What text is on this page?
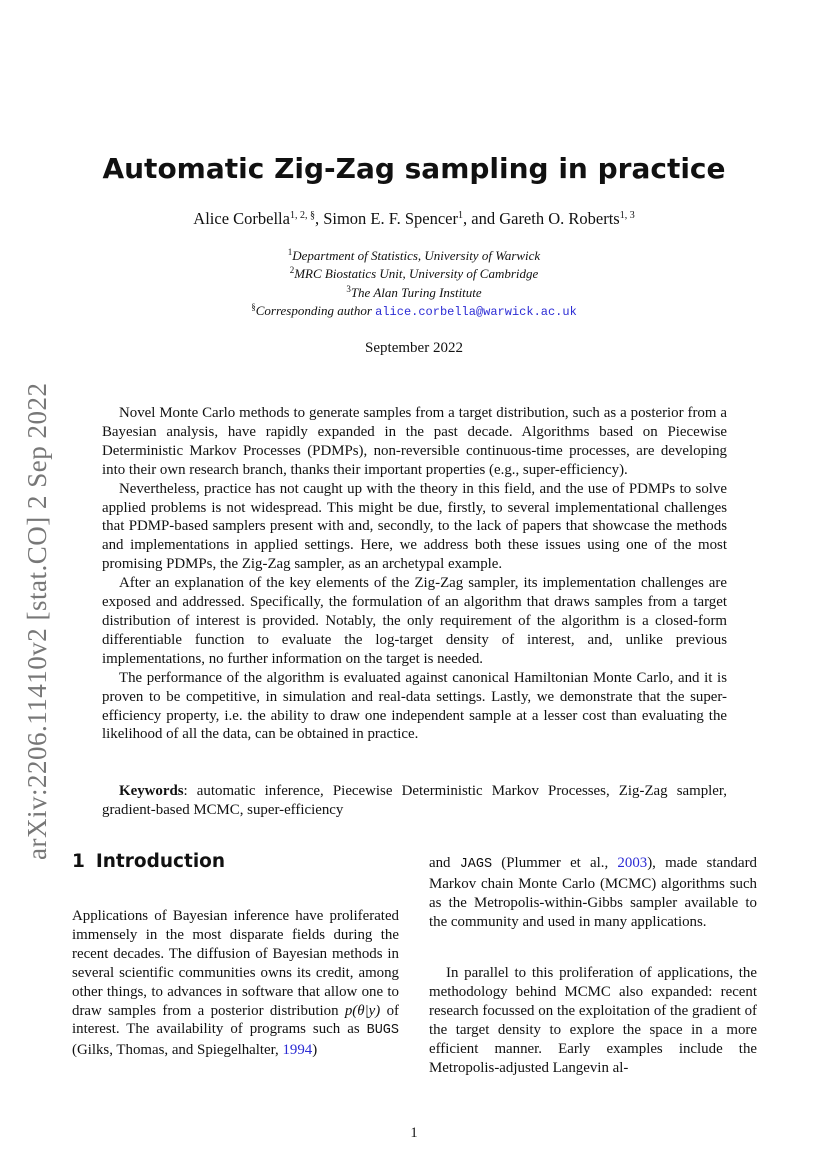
arXiv:2206.11410v2 [stat.CO] 2 Sep 2022
Automatic Zig-Zag sampling in practice
Alice Corbella$^{1, 2, \S}$, Simon E. F. Spencer$^1$, and Gareth O. Roberts$^{1, 3}$
$^1$Department of Statistics, University of Warwick
$^2$MRC Biostatics Unit, University of Cambridge
$^3$The Alan Turing Institute
§Corresponding author alice.corbella@warwick.ac.uk
September 2022

Novel Monte Carlo methods to generate samples from a target distribution, such as a posterior from a Bayesian analysis, have rapidly expanded in the past decade. Algorithms based on Piecewise Deterministic Markov Processes (PDMPs), non-reversible continuous-time processes, are developing into their own research branch, thanks their important properties (e.g., super-efficiency).

Nevertheless, practice has not caught up with the theory in this field, and the use of PDMPs to solve applied problems is not widespread. This might be due, firstly, to several implementational challenges that PDMP-based samplers present with and, secondly, to the lack of papers that showcase the methods and implementations in applied settings. Here, we address both these issues using one of the most promising PDMPs, the Zig-Zag sampler, as an archetypal example.

After an explanation of the key elements of the Zig-Zag sampler, its implementation challenges are exposed and addressed. Specifically, the formulation of an algorithm that draws samples from a target distribution of interest is provided. Notably, the only requirement of the algorithm is a closed-form differentiable function to evaluate the log-target density of interest, and, unlike previous implementations, no further information on the target is needed.

The performance of the algorithm is evaluated against canonical Hamiltonian Monte Carlo, and it is proven to be competitive, in simulation and real-data settings. Lastly, we demonstrate that the super-efficiency property, i.e. the ability to draw one independent sample at a lesser cost than evaluating the likelihood of all the data, can be obtained in practice.

Keywords: automatic inference, Piecewise Deterministic Markov Processes, Zig-Zag sampler, gradient-based MCMC, super-efficiency
1 Introduction

Applications of Bayesian inference have proliferated immensely in the most disparate fields during the recent decades. The diffusion of Bayesian methods in several scientific communities owns its credit, among other things, to advances in software that allow one to draw samples from a posterior distribution p(θ|y) of interest. The availability of programs such as BUGS (Gilks, Thomas, and Spiegelhalter, 1994)

and JAGS (Plummer et al., 2003), made standard Markov chain Monte Carlo (MCMC) algorithms such as the Metropolis-within-Gibbs sampler available to the community and used in many applications.

In parallel to this proliferation of applications, the methodology behind MCMC also expanded: recent research focussed on the exploitation of the gradient of the target density to explore the space in a more efficient manner. Early examples include the Metropolis-adjusted Langevin al-

1
